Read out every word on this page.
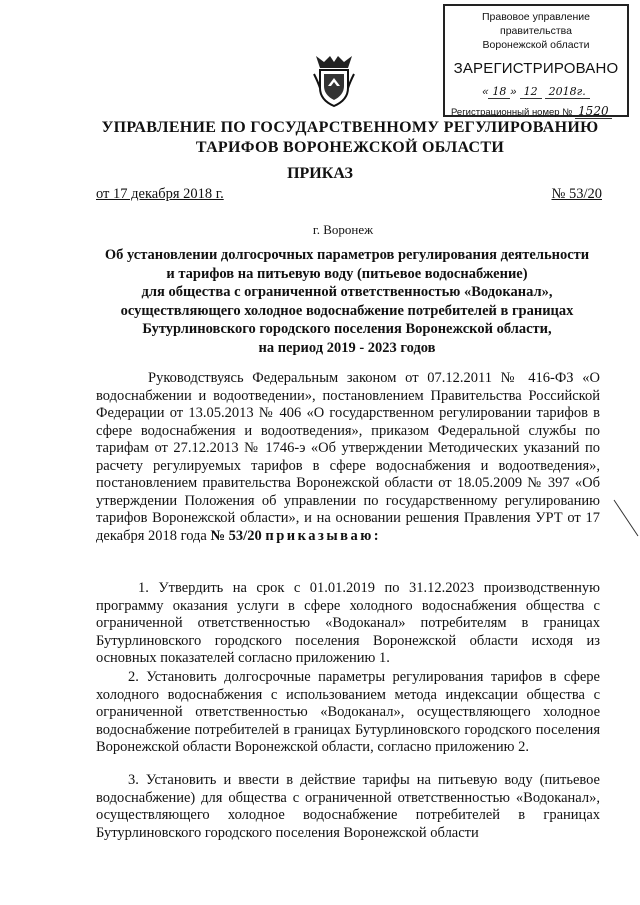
Правовое управление правительства
Воронежской области
ЗАРЕГИСТРИРОВАНО
« 18 » 12 2018г.
Регистрационный номер № 1520
УПРАВЛЕНИЕ ПО ГОСУДАРСТВЕННОМУ РЕГУЛИРОВАНИЮ
ТАРИФОВ ВОРОНЕЖСКОЙ ОБЛАСТИ
ПРИКАЗ
от 17 декабря 2018 г.	№ 53/20
г. Воронеж
Об установлении долгосрочных параметров регулирования деятельности
и тарифов на питьевую воду (питьевое водоснабжение)
для общества с ограниченной ответственностью «Водоканал»,
осуществляющего холодное водоснабжение потребителей в границах
Бутурлиновского городского поселения Воронежской области,
на период 2019 - 2023 годов
Руководствуясь Федеральным законом от 07.12.2011 № 416-ФЗ «О водоснабжении и водоотведении», постановлением Правительства Российской Федерации от 13.05.2013 № 406 «О государственном регулировании тарифов в сфере водоснабжения и водоотведения», приказом Федеральной службы по тарифам от 27.12.2013 № 1746-э «Об утверждении Методических указаний по расчету регулируемых тарифов в сфере водоснабжения и водоотведения», постановлением правительства Воронежской области от 18.05.2009 № 397 «Об утверждении Положения об управлении по государственному регулированию тарифов Воронежской области», и на основании решения Правления УРТ от 17 декабря 2018 года № 53/20 приказываю:
1. Утвердить на срок с 01.01.2019 по 31.12.2023 производственную программу оказания услуги в сфере холодного водоснабжения общества с ограниченной ответственностью «Водоканал» потребителям в границах Бутурлиновского городского поселения Воронежской области исходя из основных показателей согласно приложению 1.
2. Установить долгосрочные параметры регулирования тарифов в сфере холодного водоснабжения с использованием метода индексации общества с ограниченной ответственностью «Водоканал», осуществляющего холодное водоснабжение потребителей в границах Бутурлиновского городского поселения Воронежской области Воронежской области, согласно приложению 2.
3. Установить и ввести в действие тарифы на питьевую воду (питьевое водоснабжение) для общества с ограниченной ответственностью «Водоканал», осуществляющего холодное водоснабжение потребителей в границах Бутурлиновского городского поселения Воронежской области
